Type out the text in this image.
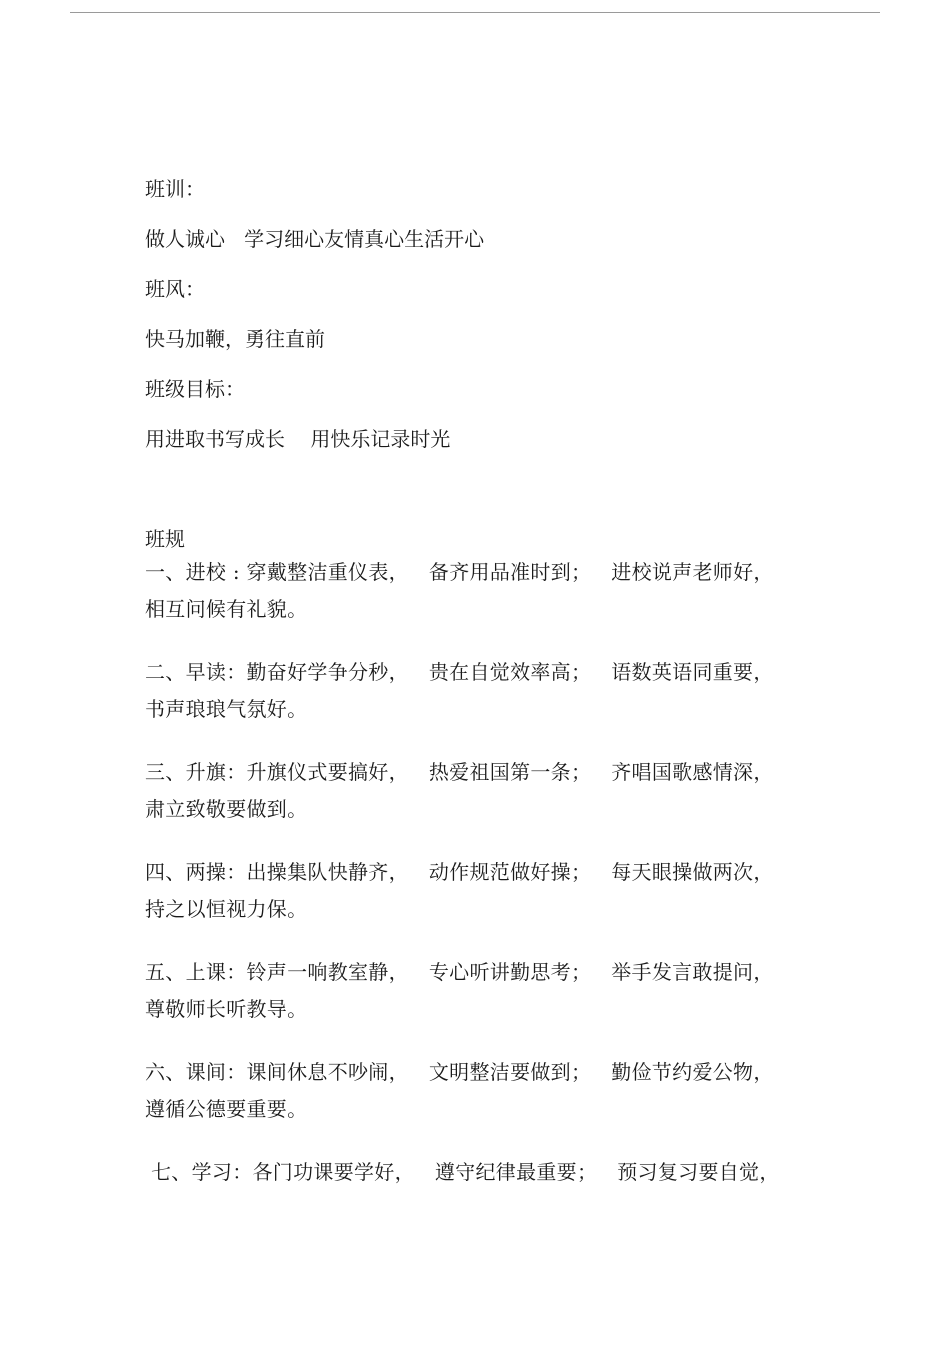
班训：

做人诚心   学习细心友情真心生活开心

班风：

快马加鞭，勇往直前

班级目标：

用进取书写成长    用快乐记录时光

班规

一、进校 : 穿戴整洁重仪表，   备齐用品准时到；   进校说声老师好，
相互问候有礼貌。
二、早读：勤奋好学争分秒，   贵在自觉效率高；   语数英语同重要，
书声琅琅气氛好。
三、升旗：升旗仪式要搞好，   热爱祖国第一条；   齐唱国歌感情深，
肃立致敬要做到。
四、两操：出操集队快静齐，   动作规范做好操；   每天眼操做两次，
持之以恒视力保。
五、上课：铃声一响教室静，   专心听讲勤思考；   举手发言敢提问，
尊敬师长听教导。
六、课间：课间休息不吵闹，   文明整洁要做到；   勤俭节约爱公物，
遵循公德要重要。
七、学习：各门功课要学好，   遵守纪律最重要；   预习复习要自觉，
